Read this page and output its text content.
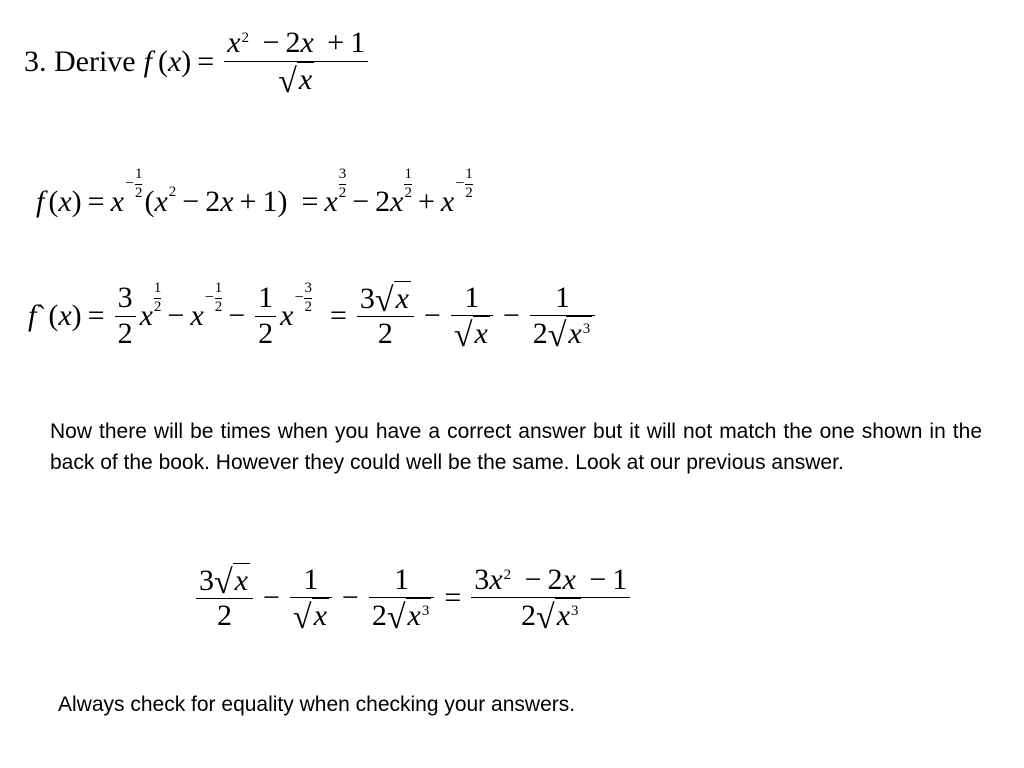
3. Derive f ( x ) = $\frac{x^2 - 2x + 1}{√ x}$
f ( x ) = x
−
1
2 ( x 2 − 2 x + 1 ) = x
3
2 − 2 x
1
2 + x
−
1
2
f ` ( x ) = $\frac{3}{2}$ x
1
2 − x
−
1
$2 - \frac{1}{2}$ x
−
3
$2 = \frac{3 √ x}{2} - \frac{1}{√ x} - \frac{1}{2 √ x^3}$
Now there will be times when you have a correct answer but it will not match the one shown in the back of the book. However they could well be the same. Look at our previous answer.
$\frac{3 √ x}{2} - \frac{1}{√ x} - \frac{1}{2 √ x^3} = \frac{3x^2 - 2x - 1}{2 √ x^3}$
Always check for equality when checking your answers.
